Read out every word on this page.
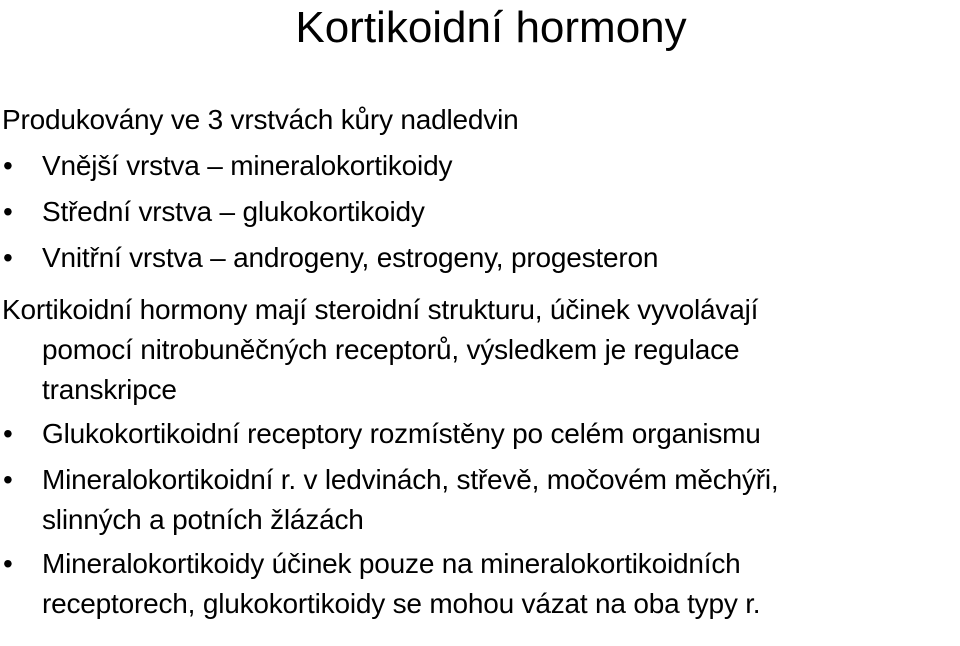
Kortikoidní hormony
Produkovány ve 3 vrstvách kůry nadledvin
•	Vnější vrstva – mineralokortikoidy
•	Střední vrstva – glukokortikoidy
•	Vnitřní vrstva – androgeny, estrogeny, progesteron
Kortikoidní hormony mají steroidní strukturu, účinek vyvolávají
pomocí nitrobuněčných receptorů, výsledkem je regulace
transkripce
•	Glukokortikoidní receptory rozmístěny po celém organismu
•	Mineralokortikoidní r. v ledvinách, střevě, močovém měchýři,
slinných a potních žlázách
•	Mineralokortikoidy účinek pouze na mineralokortikoidních
receptorech, glukokortikoidy se mohou vázat na oba typy r.
